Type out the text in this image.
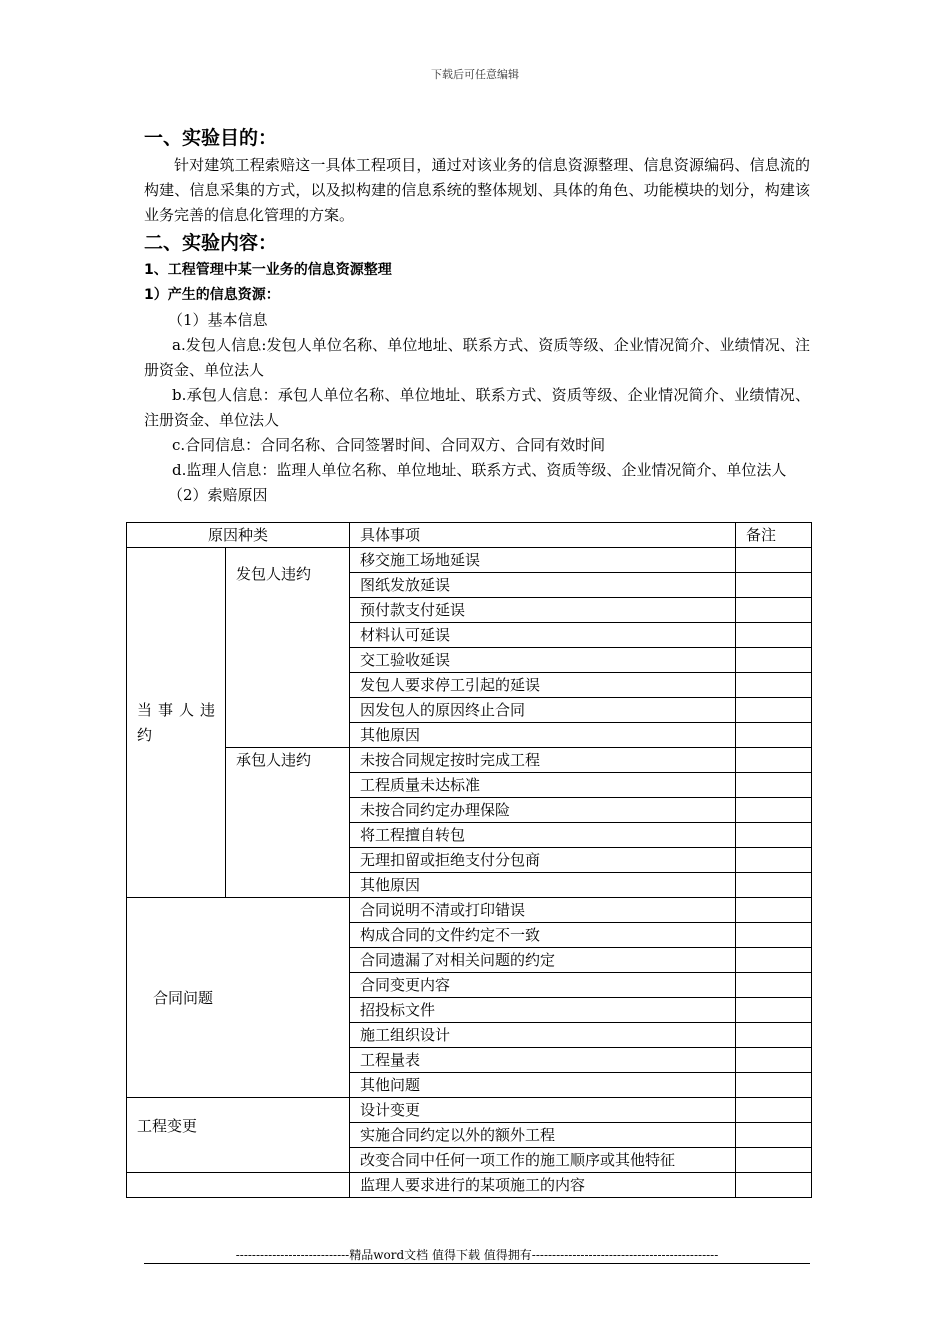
下载后可任意编辑
一、实验目的：

针对建筑工程索赔这一具体工程项目，通过对该业务的信息资源整理、信息资源编码、信息流的构建、信息采集的方式，以及拟构建的信息系统的整体规划、具体的角色、功能模块的划分，构建该业务完善的信息化管理的方案。

二、实验内容：
1、工程管理中某一业务的信息资源整理
1）产生的信息资源：
（1）基本信息

a.发包人信息:发包人单位名称、单位地址、联系方式、资质等级、企业情况简介、业绩情况、注册资金、单位法人

b.承包人信息：承包人单位名称、单位地址、联系方式、资质等级、企业情况简介、业绩情况、注册资金、单位法人

c.合同信息：合同名称、合同签署时间、合同双方、合同有效时间

d.监理人信息：监理人单位名称、单位地址、联系方式、资质等级、企业情况简介、单位法人

（2）索赔原因
原因种类		具体事项	备注

当事人违约	发包人违约	移交施工场地延误	
		图纸发放延误	
		预付款支付延误	
		材料认可延误	
		交工验收延误	
		发包人要求停工引起的延误	
		因发包人的原因终止合同	
		其他原因	
	承包人违约	未按合同规定按时完成工程	
		工程质量未达标准	
		未按合同约定办理保险	
		将工程擅自转包	
		无理扣留或拒绝支付分包商	
		其他原因	
合同问题		合同说明不清或打印错误	
		构成合同的文件约定不一致	
		合同遗漏了对相关问题的约定	
		合同变更内容	
		招投标文件	
		施工组织设计	
		工程量表	
		其他问题	
工程变更		设计变更	
		实施合同约定以外的额外工程	
		改变合同中任何一项工作的施工顺序或其他特征	
		监理人要求进行的某项施工的内容	
----------------------------精品word文档 值得下载 值得拥有----------------------------------------------
